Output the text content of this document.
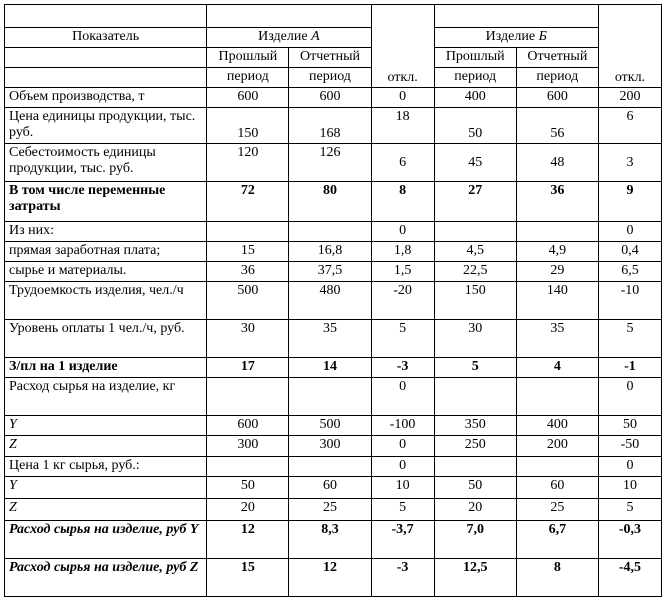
			откл.			откл.
Показатель	Изделие А			Изделие Б		
	Прошлый	Отчетный		Прошлый	Отчетный	
	период	период		период	период	
Объем производства, т	600	600	0	400	600	200
Цена единицы продукции, тыс. руб.	150	168	18	50	56	6
Себестоимость единицы продукции, тыс. руб.	120	126	6	45	48	3
В том числе переменные затраты	72	80	8	27	36	9
Из них:			0			0
прямая заработная плата;	15	16,8	1,8	4,5	4,9	0,4
сырье и материалы.	36	37,5	1,5	22,5	29	6,5
Трудоемкость изделия, чел./ч	500	480	-20	150	140	-10
Уровень оплаты 1 чел./ч, руб.	30	35	5	30	35	5
З/пл на 1 изделие	17	14	-3	5	4	-1
Расход сырья на изделие, кг			0			0
Y	600	500	-100	350	400	50
Z	300	300	0	250	200	-50
Цена 1 кг сырья, руб.:			0			0
Y	50	60	10	50	60	10
Z	20	25	5	20	25	5
Расход сырья на изделие, руб Y	12	8,3	-3,7	7,0	6,7	-0,3
Расход сырья на изделие, руб Z	15	12	-3	12,5	8	-4,5
